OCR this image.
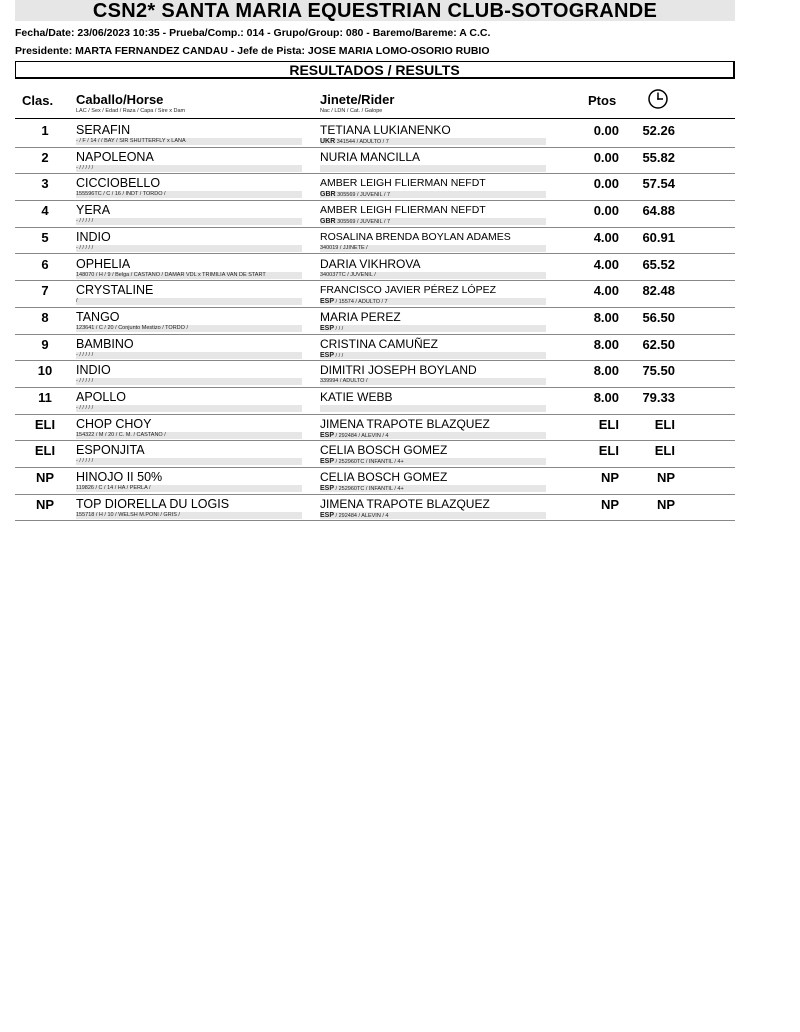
CSN2* SANTA MARIA EQUESTRIAN CLUB-SOTOGRANDE
Fecha/Date: 23/06/2023 10:35 - Prueba/Comp.: 014 - Grupo/Group: 080 - Baremo/Bareme: A C.C.
Presidente: MARTA FERNANDEZ CANDAU - Jefe de Pista: JOSE MARIA LOMO-OSORIO RUBIO
RESULTADOS / RESULTS
Clas. Caballo/Horse
LAC / Sex / Edad / Raza / Capa / Sire x Dam
Jinete/Rider
Nac / LDN / Cat. / Galope
Ptos
1	SERAFIN
- / F / 14 / / BAY / SIR SHUTTERFLY x LANA
TETIANA LUKIANENKO
UKR 341544 / ADULTO / 7
0.00	52.26
2	NAPOLEONA
- / / / / /
NURIA MANCILLA	0.00	55.82
3	CICCIOBELLO
155596TC / C / 16 / INDT / TORDO /
AMBER LEIGH FLIERMAN NEFDT
GBR 305569 / JUVENIL / 7
0.00	57.54
4	YERA
- / / / / /
AMBER LEIGH FLIERMAN NEFDT
GBR 305569 / JUVENIL / 7
0.00	64.88
5	INDIO
- / / / / /
ROSALINA BRENDA BOYLAN ADAMES
340019 / JJINETE /
4.00	60.91
6	OPHELIA
148070 / H / 9 / Belga / CASTAÑO / DAMAR VDL x TRIMILIA VAN DE START
DARIA VIKHROVA
340037TC / JUVENIL /
4.00	65.52
7	CRYSTALINE
/
FRANCISCO JAVIER PÉREZ LÓPEZ
ESP / 15574 / ADULTO / 7
4.00	82.48
8	TANGO
123641 / C / 20 / Conjunto Mestizo / TORDO /
MARIA PEREZ
ESP / / /
8.00	56.50
9	BAMBINO
- / / / / /
CRISTINA CAMUÑEZ
ESP / / /
8.00	62.50
10	INDIO
- / / / / /
DIMITRI JOSEPH BOYLAND
339994 / ADULTO /
8.00	75.50
11	APOLLO
- / / / / /
KATIE WEBB	8.00	79.33
ELI	CHOP CHOY
154322 / M / 20 / C. M. / CASTAÑO /
JIMENA TRAPOTE BLAZQUEZ
ESP / 292484 / ALEVIN / 4
ELI	ELI
ELI	ESPONJITA
- / / / / /
CELIA BOSCH GOMEZ
ESP / 252960TC / INFANTIL / 4+
ELI	ELI
NP	HINOJO II 50%
119826 / C / 14 / HA / PERLA /
CELIA BOSCH GOMEZ
ESP / 252960TC / INFANTIL / 4+
NP	NP
NP	TOP DIORELLA DU LOGIS
155718 / H / 10 / WELSH M.PONI / GRIS /
JIMENA TRAPOTE BLAZQUEZ
ESP / 292484 / ALEVIN / 4
NP	NP
